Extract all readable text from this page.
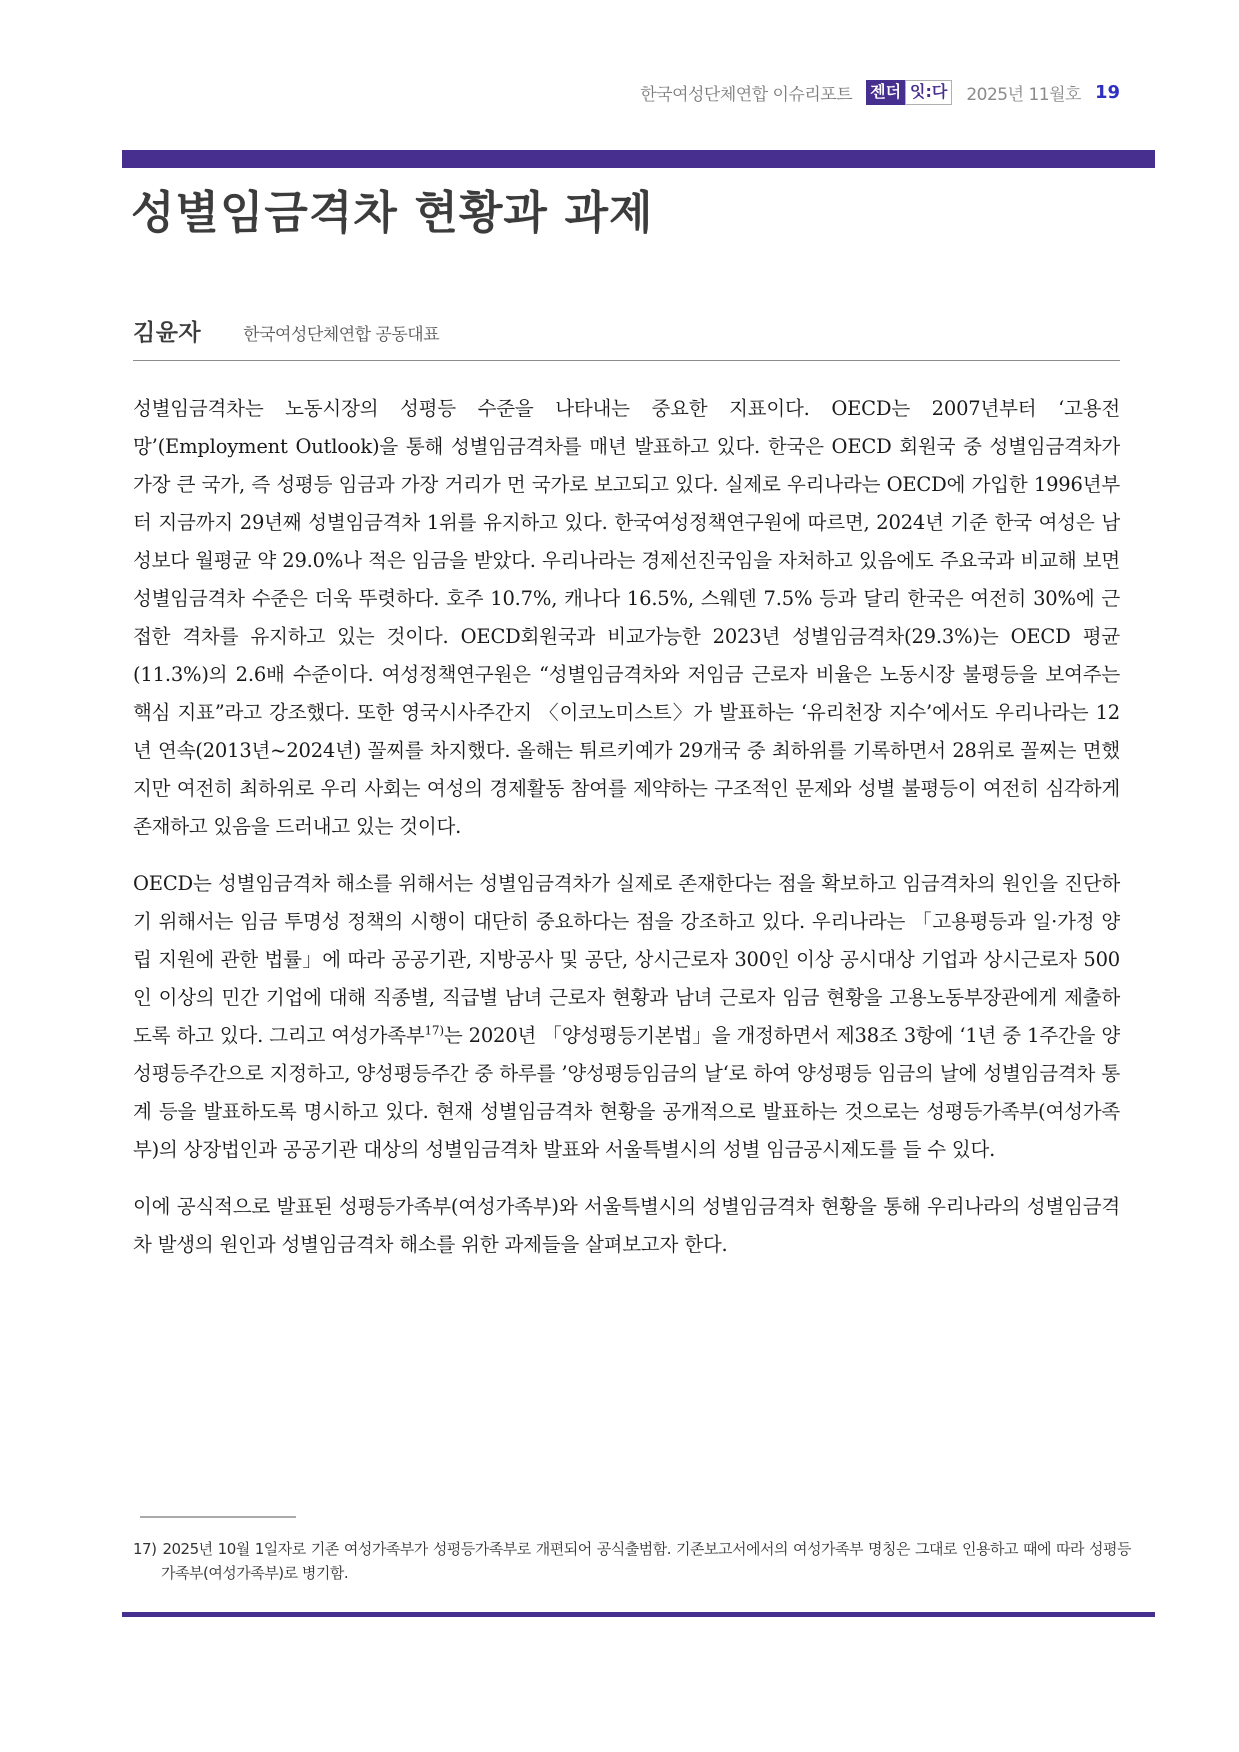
한국여성단체연합 이슈리포트 젠더 잇:다 2025년 11월호 19
성별임금격차 현황과 과제
김윤자 한국여성단체연합 공동대표

성별임금격차는 노동시장의 성평등 수준을 나타내는 중요한 지표이다. OECD는 2007년부터 ‘고용전망’(Employment Outlook)을 통해 성별임금격차를 매년 발표하고 있다. 한국은 OECD 회원국 중 성별임금격차가 가장 큰 국가, 즉 성평등 임금과 가장 거리가 먼 국가로 보고되고 있다. 실제로 우리나라는 OECD에 가입한 1996년부터 지금까지 29년째 성별임금격차 1위를 유지하고 있다. 한국여성정책연구원에 따르면, 2024년 기준 한국 여성은 남성보다 월평균 약 29.0%나 적은 임금을 받았다. 우리나라는 경제선진국임을 자처하고 있음에도 주요국과 비교해 보면 성별임금격차 수준은 더욱 뚜렷하다. 호주 10.7%, 캐나다 16.5%, 스웨덴 7.5% 등과 달리 한국은 여전히 30%에 근접한 격차를 유지하고 있는 것이다. OECD회원국과 비교가능한 2023년 성별임금격차(29.3%)는 OECD 평균(11.3%)의 2.6배 수준이다. 여성정책연구원은 “성별임금격차와 저임금 근로자 비율은 노동시장 불평등을 보여주는 핵심 지표”라고 강조했다. 또한 영국시사주간지 〈이코노미스트〉가 발표하는 ‘유리천장 지수’에서도 우리나라는 12년 연속(2013년~2024년) 꼴찌를 차지했다. 올해는 튀르키예가 29개국 중 최하위를 기록하면서 28위로 꼴찌는 면했지만 여전히 최하위로 우리 사회는 여성의 경제활동 참여를 제약하는 구조적인 문제와 성별 불평등이 여전히 심각하게 존재하고 있음을 드러내고 있는 것이다.

OECD는 성별임금격차 해소를 위해서는 성별임금격차가 실제로 존재한다는 점을 확보하고 임금격차의 원인을 진단하기 위해서는 임금 투명성 정책의 시행이 대단히 중요하다는 점을 강조하고 있다. 우리나라는 「고용평등과 일·가정 양립 지원에 관한 법률」에 따라 공공기관, 지방공사 및 공단, 상시근로자 300인 이상 공시대상 기업과 상시근로자 500인 이상의 민간 기업에 대해 직종별, 직급별 남녀 근로자 현황과 남녀 근로자 임금 현황을 고용노동부장관에게 제출하도록 하고 있다. 그리고 여성가족부$^{17)}$는 2020년 「양성평등기본법」을 개정하면서 제38조 3항에 ‘1년 중 1주간을 양성평등주간으로 지정하고, 양성평등주간 중 하루를 ’양성평등임금의 날‘로 하여 양성평등 임금의 날에 성별임금격차 통계 등을 발표하도록 명시하고 있다. 현재 성별임금격차 현황을 공개적으로 발표하는 것으로는 성평등가족부(여성가족부)의 상장법인과 공공기관 대상의 성별임금격차 발표와 서울특별시의 성별 임금공시제도를 들 수 있다.

이에 공식적으로 발표된 성평등가족부(여성가족부)와 서울특별시의 성별임금격차 현황을 통해 우리나라의 성별임금격차 발생의 원인과 성별임금격차 해소를 위한 과제들을 살펴보고자 한다.

17) 2025년 10월 1일자로 기존 여성가족부가 성평등가족부로 개편되어 공식출범함. 기존보고서에서의 여성가족부 명칭은 그대로 인용하고 때에 따라 성평등가족부(여성가족부)로 병기함.
